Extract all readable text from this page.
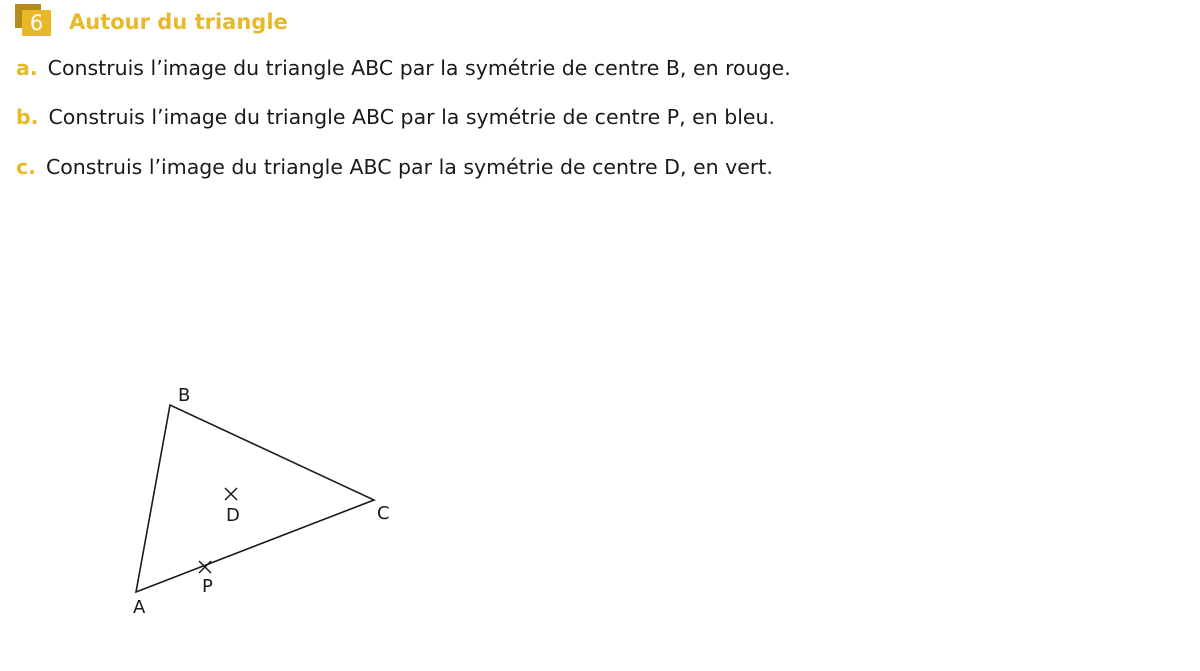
6	Autour du triangle
a. Construis l’image du triangle ABC par la symétrie de centre B, en rouge.
b. Construis l’image du triangle ABC par la symétrie de centre P, en bleu.
c. Construis l’image du triangle ABC par la symétrie de centre D, en vert.
A
B
C
D
P
